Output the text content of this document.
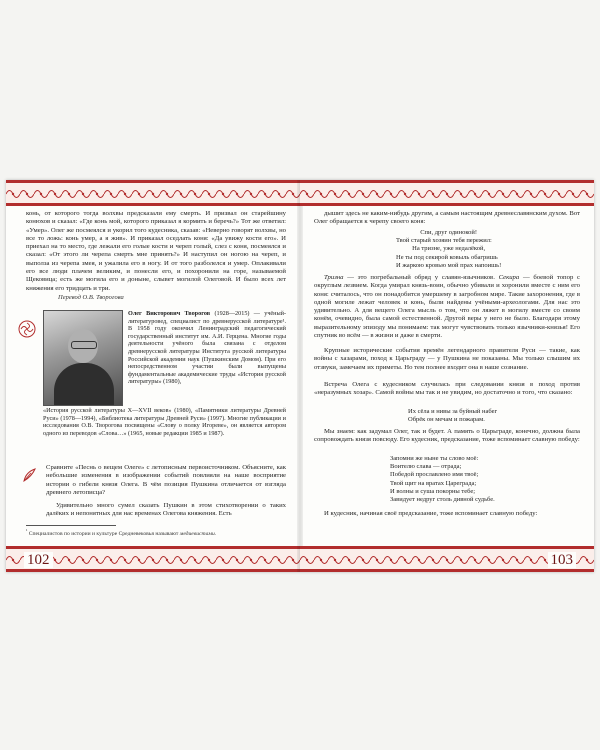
конь, от которого тогда волхвы предсказали ему смерть. И призвал он старейшину конюхов и сказал: «Где конь мой, которого приказал я кормить и беречь?» Тот же ответил: «Умер». Олег же посмеялся и укорил того кудесника, сказав: «Неверно говорят волхвы, но все то ложь: конь умер, а я жив». И приказал оседлать коня: «Да увижу кости его». И приехал на то место, где лежали его голые кости и череп голый, слез с коня, посмеялся и сказал: «От этого ли черепа смерть мне принять?» И наступил он ногою на череп, и выполза из черепа змея, и ужалила его в ногу. И от того разболелся и умер. Оплакивали его все люди плачем великим, и понесли его, и похоронили на горе, называемой Щековица; есть же могила его и доныне, слывет могилой Олеговой. И было всех лет княжения его тридцать и три.

Перевод О.В. Творогова

Олег Викторович Творогов (1928—2015) — учёный-литературовед, специалист по древнерусской литературе¹. В 1958 году окончил Ленинградский педагогический государственный институт им. А.И. Герцена. Многие годы деятельности учёного была связана с отделом древнерусской литературы Института русской литературы Российской академии наук (Пушкинским Домом). При его непосредственном участии были выпущены фундаментальные академические труды «История русской литературы» (1980),

«История русской литературы X—XVII веков» (1980), «Памятники литературы Древней Руси» (1978—1994), «Библиотека литературы Древней Руси» (1997). Многие публикации и исследования О.В. Творогова посвящены «Слову о полку Игореве», он является автором одного из переводов «Слова…» (1965, новые редакции 1985 и 1987).

Сравните «Песнь о вещем Олеге» с летописным первоисточником. Объясните, как небольшие изменения в изображении событий повлияли на наше восприятие истории о гибели князя Олега. В чём позиция Пушкина отличается от взгляда древнего летописца?

Удивительно много сумел сказать Пушкин в этом стихотворении о таких далёких и непонятных для нас временах Олегова княжения. Есть

$^{^1}$ Специалистов по истории и культуре Средневековья называют медиевистами.
102

дышит здесь не каким-нибудь другим, а самым настоящим древнеславянским духом. Вот Олег обращается к черепу своего коня:

Спи, друг одинокой!
Твой старый хозяин тебя пережил:
На тризне, уже недалёкой,
Не ты под секирой ковыль обагришь
И жаркою кровью мой прах напоишь!

Тризна — это погребальный обряд у славян-язычников. Секира — боевой топор с округлым лезвием. Когда умирал князь-воин, обычно убивали и хоронили вместе с ним его коня: считалось, что он понадобится умершему в загробном мире. Такие захоронения, где в одной могиле лежат человек и конь, были найдены учёными-археологами. Для нас это удивительно. А для вещего Олега мысль о том, что он ляжет в могилу вместе со своим конём, очевидно, была самой естественной. Другой веры у него не было. Благодаря этому выразительному эпизоду мы понимаем: так могут чувствовать только язычники-князья! Его спутник во всём — в жизни и даже в смерти.

Крупные исторические события времён легендарного правителя Руси — такие, как войны с хазарами, поход к Царьграду — у Пушкина не показаны. Мы только слышим их отзвуки, замечаем их приметы. Но тем полнее входит она в наше сознание.

Встреча Олега с кудесником случилась при следовании князя в поход против «неразумных хозар». Самой войны мы так и не увидим, но достаточно и того, что сказано:

Их сёла и нивы за буйный набег
Обрёк он мечам и пожарам.

Мы знаем: как задумал Олег, так и будет. А память о Царьграде, конечно, должна была сопровождать князя повсюду. Его кудесник, предсказание, тоже вспоминает славную победу:

Запомни же ныне ты слово моё:
Воителю слава — отрада;
Победой прославлено имя твоё;
Твой щит на вратах Цареграда;
И волны и суша покорны тебе;
Завидует недруг столь дивной судьбе.

И кудесник, начиная своё предсказание, тоже вспоминает славную победу:

103
